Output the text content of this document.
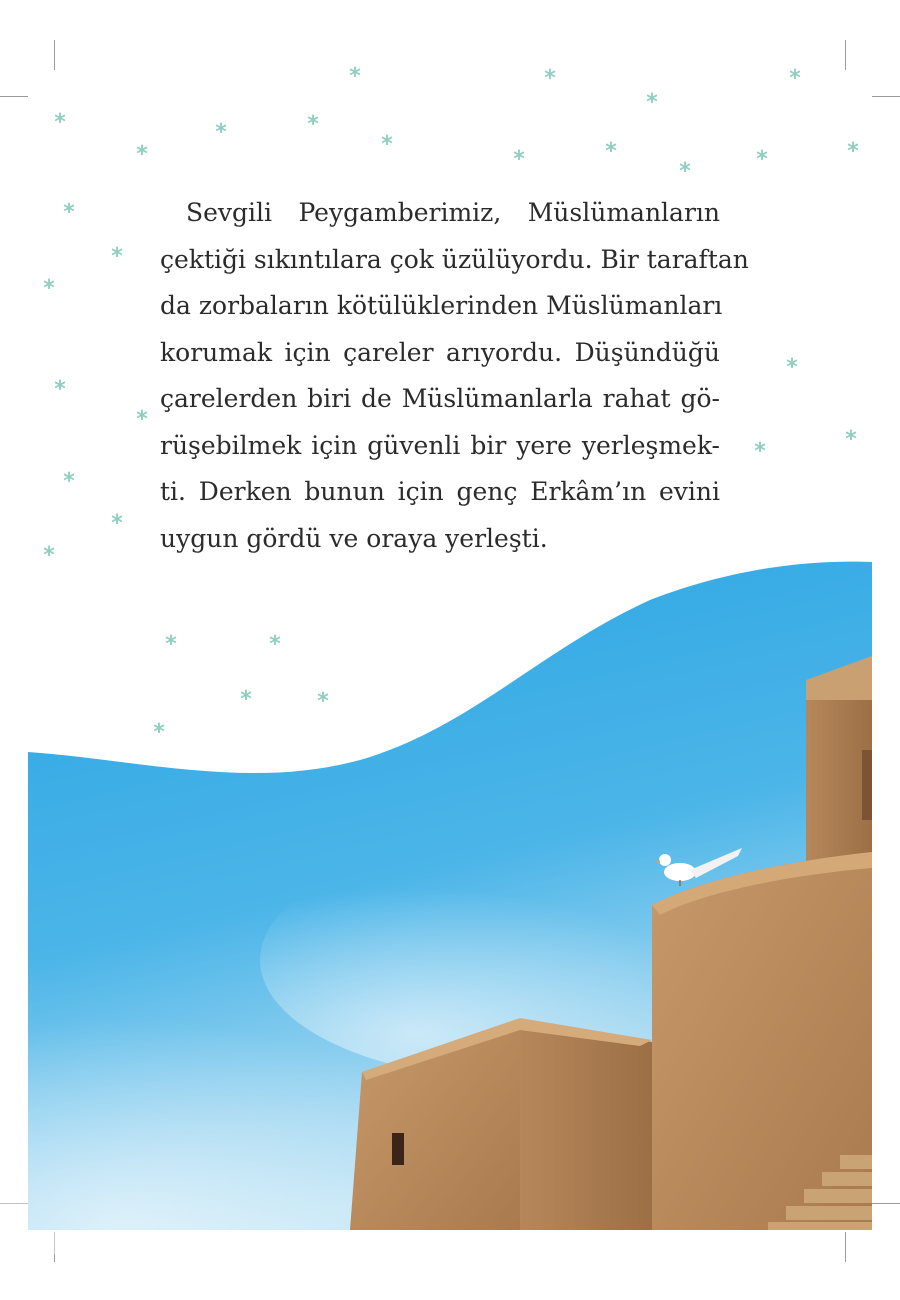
*	*	*
*
*	*
*	*
*	*	*	*	*
*
*
*
*
*
*
*
*
*
*
*
*
*	*
*	*
*
Sevgili Peygamberimiz, Müslümanların
çektiği sıkıntılara çok üzülüyordu. Bir taraftan
da zorbaların kötülüklerinden Müslümanları
korumak için çareler arıyordu. Düşündüğü
çarelerden biri de Müslümanlarla rahat gö-
rüşebilmek için güvenli bir yere yerleşmek-
ti. Derken bunun için genç Erkâm’ın evini
uygun gördü ve oraya yerleşti.
